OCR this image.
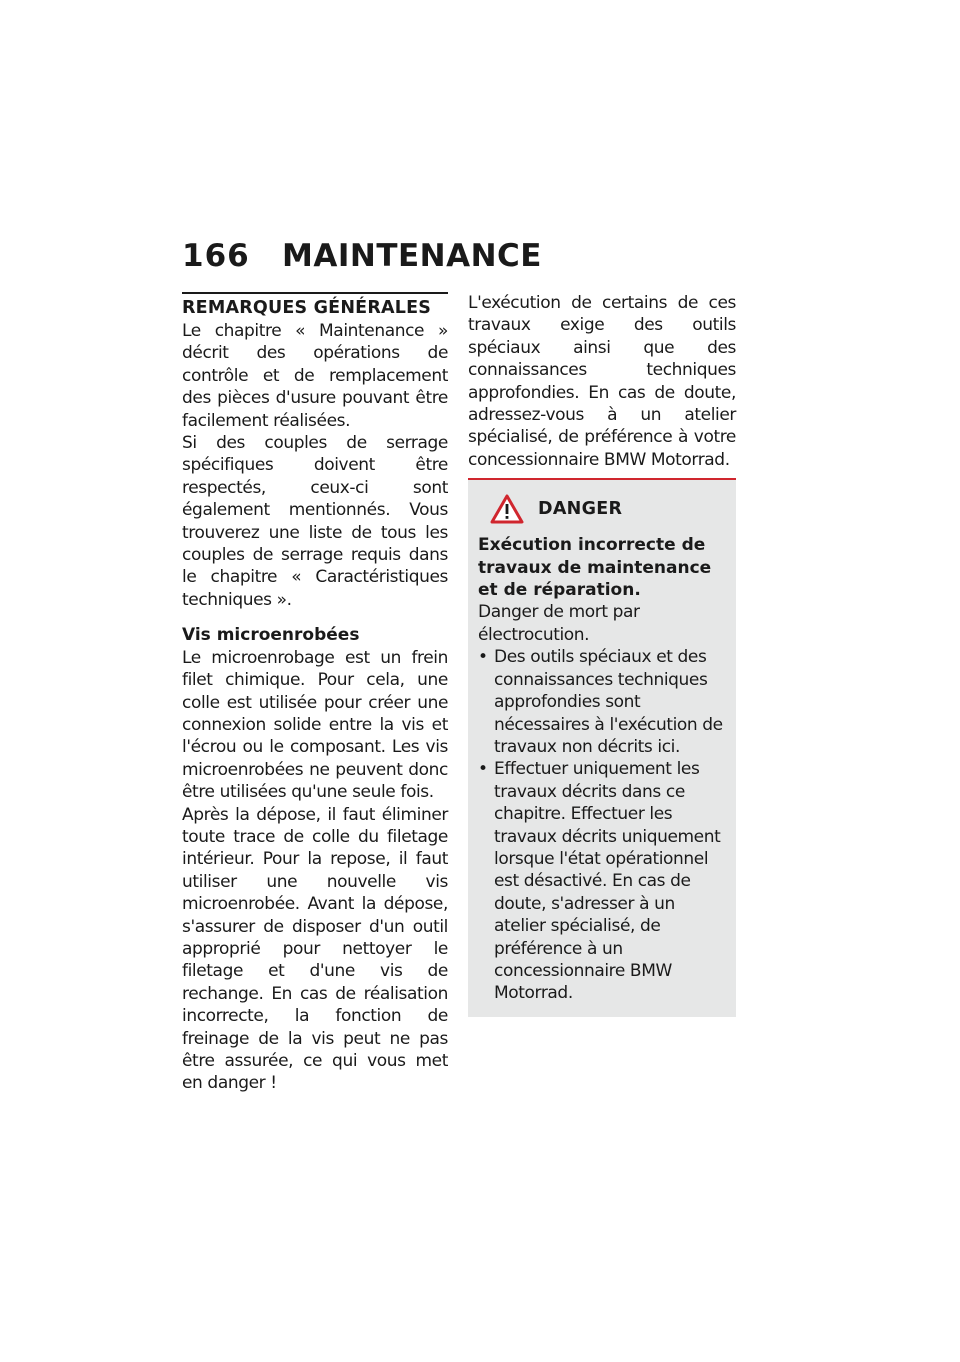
166	MAINTENANCE
REMARQUES GÉNÉRALES

Le chapitre « Maintenance » décrit des opérations de contrôle et de remplacement des pièces d'usure pouvant être facilement réalisées.

Si des couples de serrage spécifiques doivent être respectés, ceux-ci sont également mentionnés. Vous trouverez une liste de tous les couples de serrage requis dans le chapitre « Caractéristiques techniques ».

Vis microenrobées

Le microenrobage est un frein filet chimique. Pour cela, une colle est utilisée pour créer une connexion solide entre la vis et l'écrou ou le composant. Les vis microenrobées ne peuvent donc être utilisées qu'une seule fois.

Après la dépose, il faut éliminer toute trace de colle du filetage intérieur. Pour la repose, il faut utiliser une nouvelle vis microenrobée. Avant la dépose, s'assurer de disposer d'un outil approprié pour nettoyer le filetage et d'une vis de rechange. En cas de réalisation incorrecte, la fonction de freinage de la vis peut ne pas être assurée, ce qui vous met en danger !

L'exécution de certains de ces travaux exige des outils spéciaux ainsi que des connaissances techniques approfondies. En cas de doute, adressez-vous à un atelier spécialisé, de préférence à votre concessionnaire BMW Motorrad.

DANGER

Exécution incorrecte de travaux de maintenance et de réparation.

Danger de mort par électrocution.

• Des outils spéciaux et des connaissances techniques approfondies sont nécessaires à l'exécution de travaux non décrits ici.
• Effectuer uniquement les travaux décrits dans ce chapitre. Effectuer les travaux décrits uniquement lorsque l'état opérationnel est désactivé. En cas de doute, s'adresser à un atelier spécialisé, de préférence à un concessionnaire BMW Motorrad.
